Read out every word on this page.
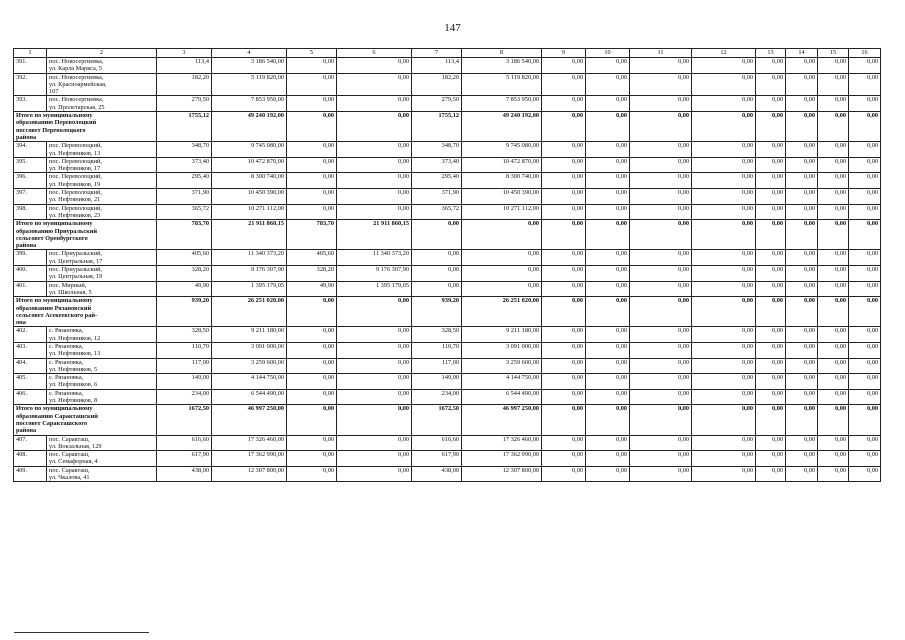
147
1	2	3	4	5	6	7	8	9	10	11	12	13	14	15	16
391.	пос. Новосергиевка,
ул. Карла Маркса, 5	113,4	3 186 540,00	0,00	0,00	113,4	3 186 540,00	0,00	0,00	0,00	0,00	0,00	0,00	0,00	0,00
392.	пос. Новосергиевка,
ул. Красноармейская,
107	182,20	5 119 820,00	0,00	0,00	182,20	5 119 820,00	0,00	0,00	0,00	0,00	0,00	0,00	0,00	0,00
393.	пос. Новосергиевка,
ул. Пролетарская, 25	279,50	7 853 950,00	0,00	0,00	279,50	7 853 950,00	0,00	0,00	0,00	0,00	0,00	0,00	0,00	0,00
Итого по муниципальному
образованию Переволоцкий
поссовет Переволоцкого
района		1755,12	49 240 192,00	0,00	0,00	1755,12	49 240 192,00	0,00	0,00	0,00	0,00	0,00	0,00	0,00	0,00
394.	пос. Переволоцкий,
ул. Нефтяников, 13	348,70	9 745 080,00	0,00	0,00	348,70	9 745 080,00	0,00	0,00	0,00	0,00	0,00	0,00	0,00	0,00
395.	пос. Переволоцкий,
ул. Нефтяников, 17	373,40	10 472 870,00	0,00	0,00	373,40	10 472 870,00	0,00	0,00	0,00	0,00	0,00	0,00	0,00	0,00
396.	пос. Переволоцкий,
ул. Нефтяников, 19	295,40	8 300 740,00	0,00	0,00	295,40	8 300 740,00	0,00	0,00	0,00	0,00	0,00	0,00	0,00	0,00
397.	пос. Переволоцкий,
ул. Нефтяников, 21	371,90	10 450 390,00	0,00	0,00	371,90	10 450 390,00	0,00	0,00	0,00	0,00	0,00	0,00	0,00	0,00
398.	пос. Переволоцкий,
ул. Нефтяников, 23	365,72	10 271 112,00	0,00	0,00	365,72	10 271 112,00	0,00	0,00	0,00	0,00	0,00	0,00	0,00	0,00
Итого по муниципальному
образованию Приуральский
сельсовет Оренбургского
района		783,70	21 911 860,15	783,70	21 911 860,15	0,00	0,00	0,00	0,00	0,00	0,00	0,00	0,00	0,00	0,00
399.	пос. Приуральский,
ул. Центральная, 17	405,60	11 340 373,20	405,60	11 340 373,20	0,00	0,00	0,00	0,00	0,00	0,00	0,00	0,00	0,00	0,00
400.	пос. Приуральский,
ул. Центральная, 19	328,20	9 176 307,90	328,20	9 176 307,90	0,00	0,00	0,00	0,00	0,00	0,00	0,00	0,00	0,00	0,00
401.	пос. Мирный,
ул. Школьная, 5	49,90	1 395 179,05	49,90	1 395 179,05	0,00	0,00	0,00	0,00	0,00	0,00	0,00	0,00	0,00	0,00
Итого по муниципальному
образованию Рязановский
сельсовет Асекеевского рай-
она		939,20	26 251 020,00	0,00	0,00	939,20	26 251 020,00	0,00	0,00	0,00	0,00	0,00	0,00	0,00	0,00
402.	с. Рязановка,
ул. Нефтяников, 12	328,50	9 211 180,00	0,00	0,00	328,50	9 211 180,00	0,00	0,00	0,00	0,00	0,00	0,00	0,00	0,00
403.	с. Рязановка,
ул. Нефтяников, 13	110,70	3 091 000,00	0,00	0,00	110,70	3 091 000,00	0,00	0,00	0,00	0,00	0,00	0,00	0,00	0,00
404.	с. Рязановка,
ул. Нефтяников, 5	117,00	3 259 600,00	0,00	0,00	117,00	3 259 600,00	0,00	0,00	0,00	0,00	0,00	0,00	0,00	0,00
405.	с. Рязановка,
ул. Нефтяников, 6	149,00	4 144 750,00	0,00	0,00	149,00	4 144 750,00	0,00	0,00	0,00	0,00	0,00	0,00	0,00	0,00
406.	с. Рязановка,
ул. Нефтяников, 8	234,00	6 544 490,00	0,00	0,00	234,00	6 544 490,00	0,00	0,00	0,00	0,00	0,00	0,00	0,00	0,00
Итого по муниципальному
образованию Саракташский
поссовет Саракташского
района		1672,50	46 997 250,00	0,00	0,00	1672,50	46 997 250,00	0,00	0,00	0,00	0,00	0,00	0,00	0,00	0,00
407.	пос. Саракташ,
ул. Вокзальная, 129	616,60	17 326 460,00	0,00	0,00	616,60	17 326 460,00	0,00	0,00	0,00	0,00	0,00	0,00	0,00	0,00
408.	пос. Саракташ,
ул. Семафорная, 4	617,90	17 362 990,00	0,00	0,00	617,90	17 362 990,00	0,00	0,00	0,00	0,00	0,00	0,00	0,00	0,00
409.	пос. Саракташ,
ул. Чкалова, 41	438,00	12 307 800,00	0,00	0,00	438,00	12 307 800,00	0,00	0,00	0,00	0,00	0,00	0,00	0,00	0,00
